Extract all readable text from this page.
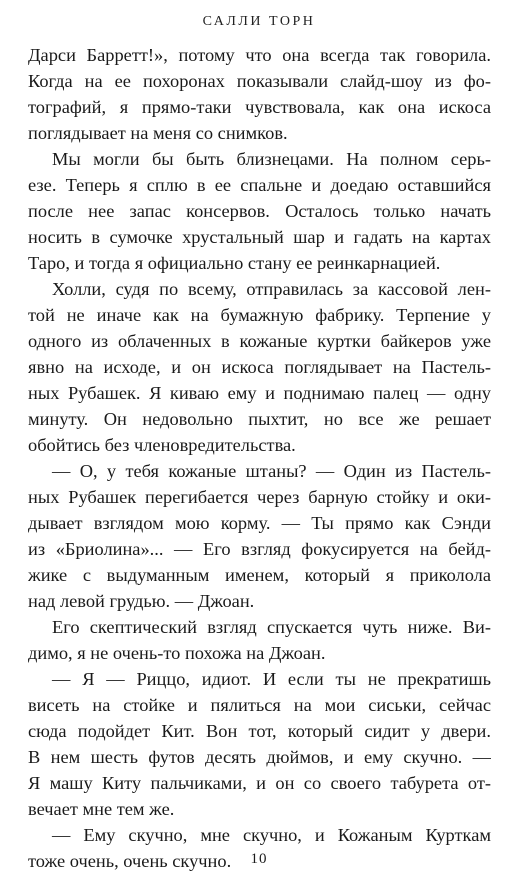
САЛЛИ ТОРН
Дарси Барретт!», потому что она всегда так говорила.
Когда на ее похоронах показывали слайд-шоу из фо-
тографий, я прямо-таки чувствовала, как она искоса
поглядывает на меня со снимков.
Мы могли бы быть близнецами. На полном серь-
езе. Теперь я сплю в ее спальне и доедаю оставшийся
после нее запас консервов. Осталось только начать
носить в сумочке хрустальный шар и гадать на картах
Таро, и тогда я официально стану ее реинкарнацией.
Холли, судя по всему, отправилась за кассовой лен-
той не иначе как на бумажную фабрику. Терпение у
одного из облаченных в кожаные куртки байкеров уже
явно на исходе, и он искоса поглядывает на Пастель-
ных Рубашек. Я киваю ему и поднимаю палец — одну
минуту. Он недовольно пыхтит, но все же решает
обойтись без членовредительства.
— О, у тебя кожаные штаны? — Один из Пастель-
ных Рубашек перегибается через барную стойку и оки-
дывает взглядом мою корму. — Ты прямо как Сэнди
из «Бриолина»... — Его взгляд фокусируется на бейд-
жике с выдуманным именем, который я приколола
над левой грудью. — Джоан.
Его скептический взгляд спускается чуть ниже. Ви-
димо, я не очень-то похожа на Джоан.
— Я — Риццо, идиот. И если ты не прекратишь
висеть на стойке и пялиться на мои сиськи, сейчас
сюда подойдет Кит. Вон тот, который сидит у двери.
В нем шесть футов десять дюймов, и ему скучно. —
Я машу Киту пальчиками, и он со своего табурета от-
вечает мне тем же.
— Ему скучно, мне скучно, и Кожаным Курткам
тоже очень, очень скучно.	10
